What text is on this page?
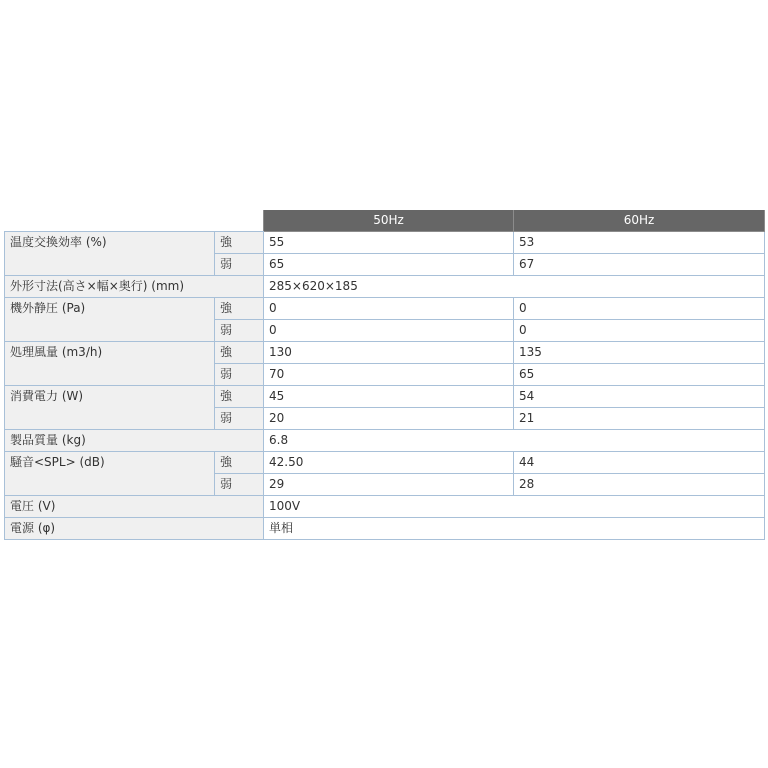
		50Hz	60Hz
温度交換効率 (%)	強	55	53
	弱	65	67
外形寸法(高さ×幅×奥行) (mm)		285×620×185	
機外静圧 (Pa)	強	0	0
	弱	0	0
処理風量 (m3/h)	強	130	135
	弱	70	65
消費電力 (W)	強	45	54
	弱	20	21
製品質量 (kg)		6.8	
騒音<SPL> (dB)	強	42.50	44
	弱	29	28
電圧 (V)		100V	
電源 (φ)		単相	
